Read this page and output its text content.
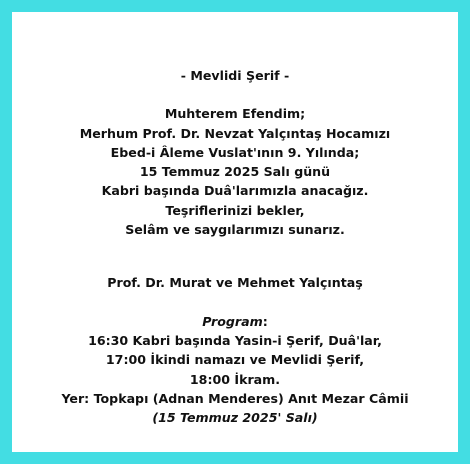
- Mevlidi Şerif -
Muhterem Efendim;
Merhum Prof. Dr. Nevzat Yalçıntaş Hocamızı
Ebed-i Âleme Vuslat'ının 9. Yılında;
15 Temmuz 2025 Salı günü
Kabri başında Duâ'larımızla anacağız.
Teşriflerinizi bekler,
Selâm ve saygılarımızı sunarız.
Prof. Dr. Murat ve Mehmet Yalçıntaş
Program:
16:30 Kabri başında Yasin-i Şerif, Duâ'lar,
17:00 İkindi namazı ve Mevlidi Şerif,
18:00 İkram.
Yer: Topkapı (Adnan Menderes) Anıt Mezar Câmii
(15 Temmuz 2025' Salı)
